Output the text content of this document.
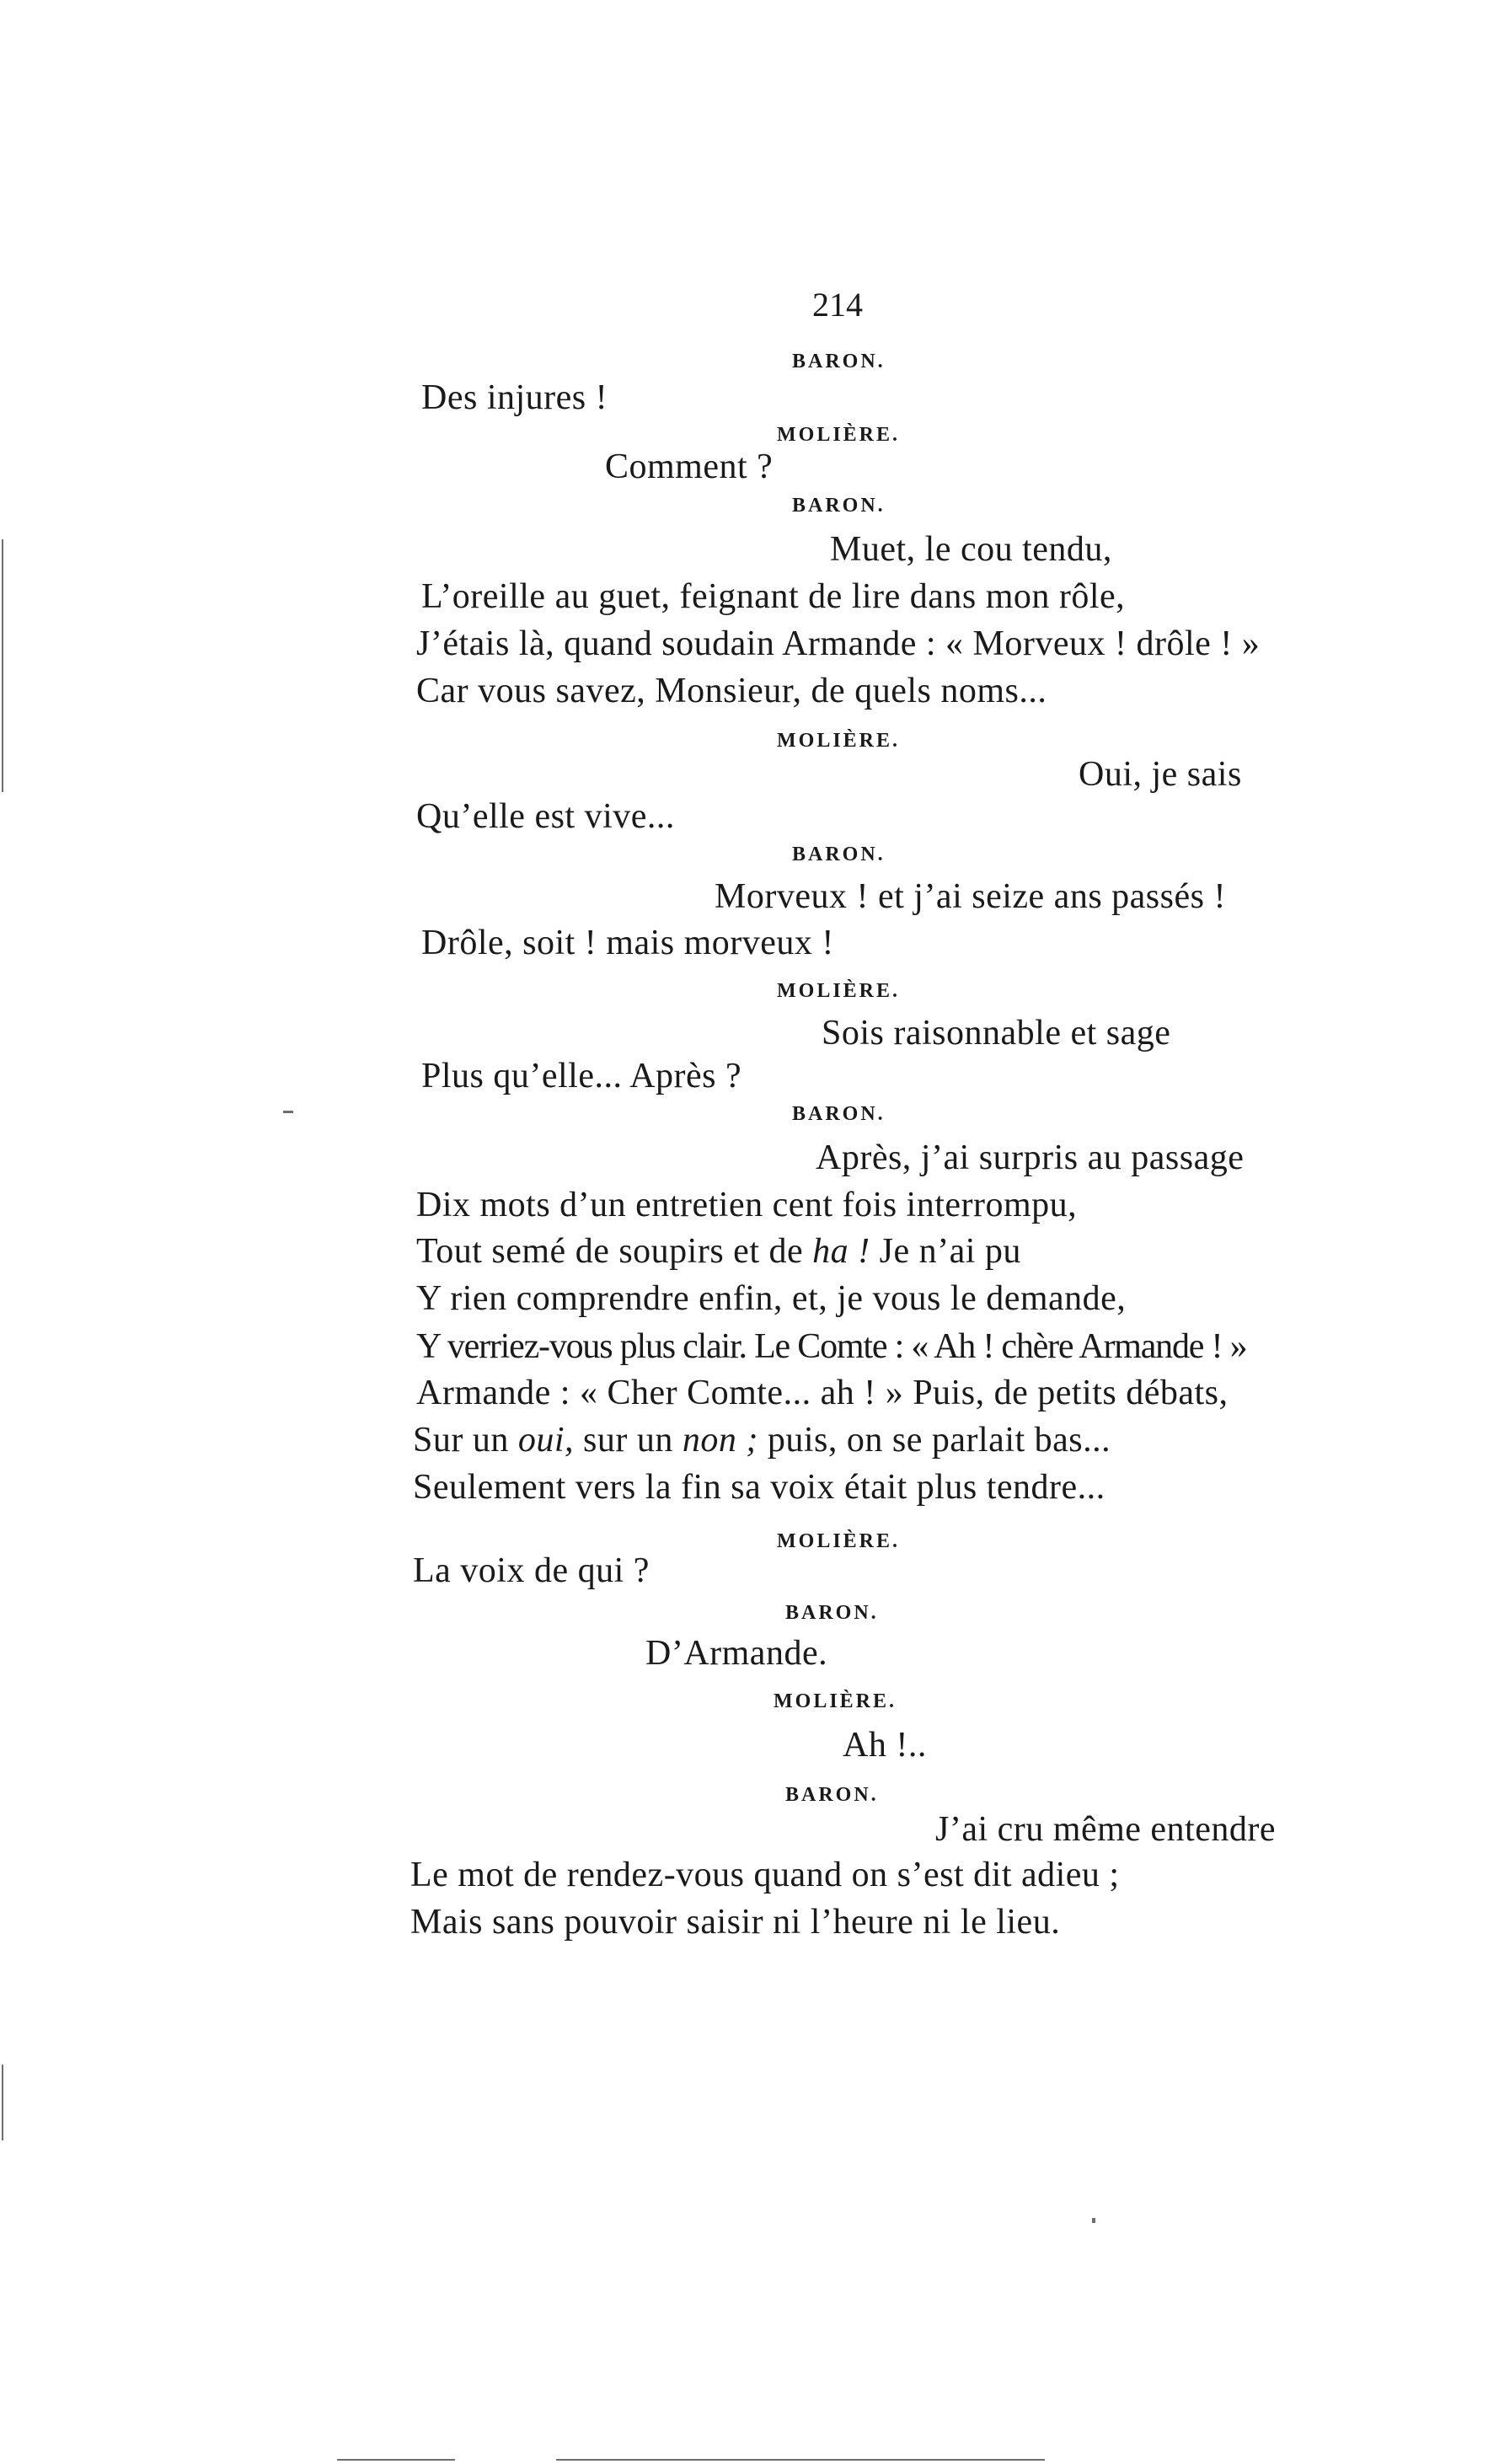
214
BARON.
Des injures !
MOLIÈRE.
Comment ?
BARON.
Muet, le cou tendu,
L’oreille au guet, feignant de lire dans mon rôle,
J’étais là, quand soudain Armande : « Morveux ! drôle ! »
Car vous savez, Monsieur, de quels noms...
MOLIÈRE.
Oui, je sais
Qu’elle est vive...
BARON.
Morveux ! et j’ai seize ans passés !
Drôle, soit ! mais morveux !
MOLIÈRE.
Sois raisonnable et sage
Plus qu’elle... Après ?
BARON.
Après, j’ai surpris au passage
Dix mots d’un entretien cent fois interrompu,
Tout semé de soupirs et de ha ! Je n’ai pu
Y rien comprendre enfin, et, je vous le demande,
Y verriez-vous plus clair. Le Comte : « Ah ! chère Armande ! »
Armande : « Cher Comte... ah ! » Puis, de petits débats,
Sur un oui, sur un non ; puis, on se parlait bas...
Seulement vers la fin sa voix était plus tendre...
MOLIÈRE.
La voix de qui ?
BARON.
D’Armande.
MOLIÈRE.
Ah !..
BARON.
J’ai cru même entendre
Le mot de rendez-vous quand on s’est dit adieu ;
Mais sans pouvoir saisir ni l’heure ni le lieu.
